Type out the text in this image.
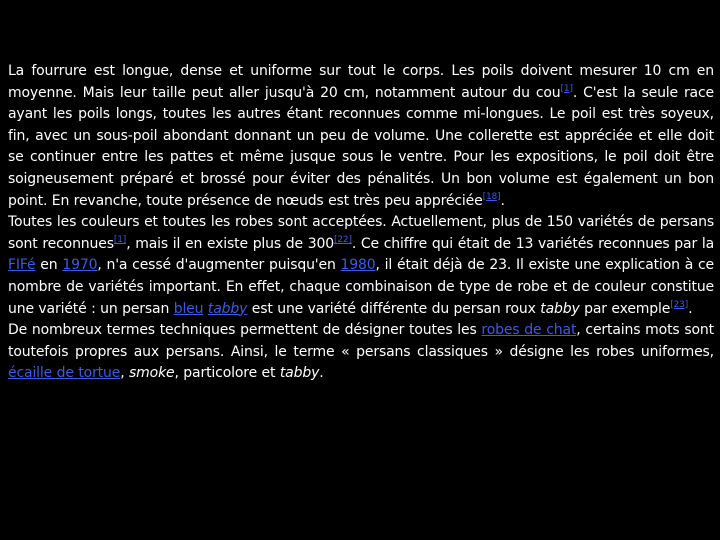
La fourrure est longue, dense et uniforme sur tout le corps. Les poils doivent mesurer 10 cm en moyenne. Mais leur taille peut aller jusqu'à 20 cm, notamment autour du cou[1]. C'est la seule race ayant les poils longs, toutes les autres étant reconnues comme mi-longues. Le poil est très soyeux, fin, avec un sous-poil abondant donnant un peu de volume. Une collerette est appréciée et elle doit se continuer entre les pattes et même jusque sous le ventre. Pour les expositions, le poil doit être soigneusement préparé et brossé pour éviter des pénalités. Un bon volume est également un bon point. En revanche, toute présence de nœuds est très peu appréciée[18].

Toutes les couleurs et toutes les robes sont acceptées. Actuellement, plus de 150 variétés de persans sont reconnues[1], mais il en existe plus de 300[22]. Ce chiffre qui était de 13 variétés reconnues par la FIFé en 1970, n'a cessé d'augmenter puisqu'en 1980, il était déjà de 23. Il existe une explication à ce nombre de variétés important. En effet, chaque combinaison de type de robe et de couleur constitue une variété : un persan bleu tabby est une variété différente du persan roux tabby par exemple[23].

De nombreux termes techniques permettent de désigner toutes les robes de chat, certains mots sont toutefois propres aux persans. Ainsi, le terme « persans classiques » désigne les robes uniformes, écaille de tortue, smoke, particolore et tabby.
